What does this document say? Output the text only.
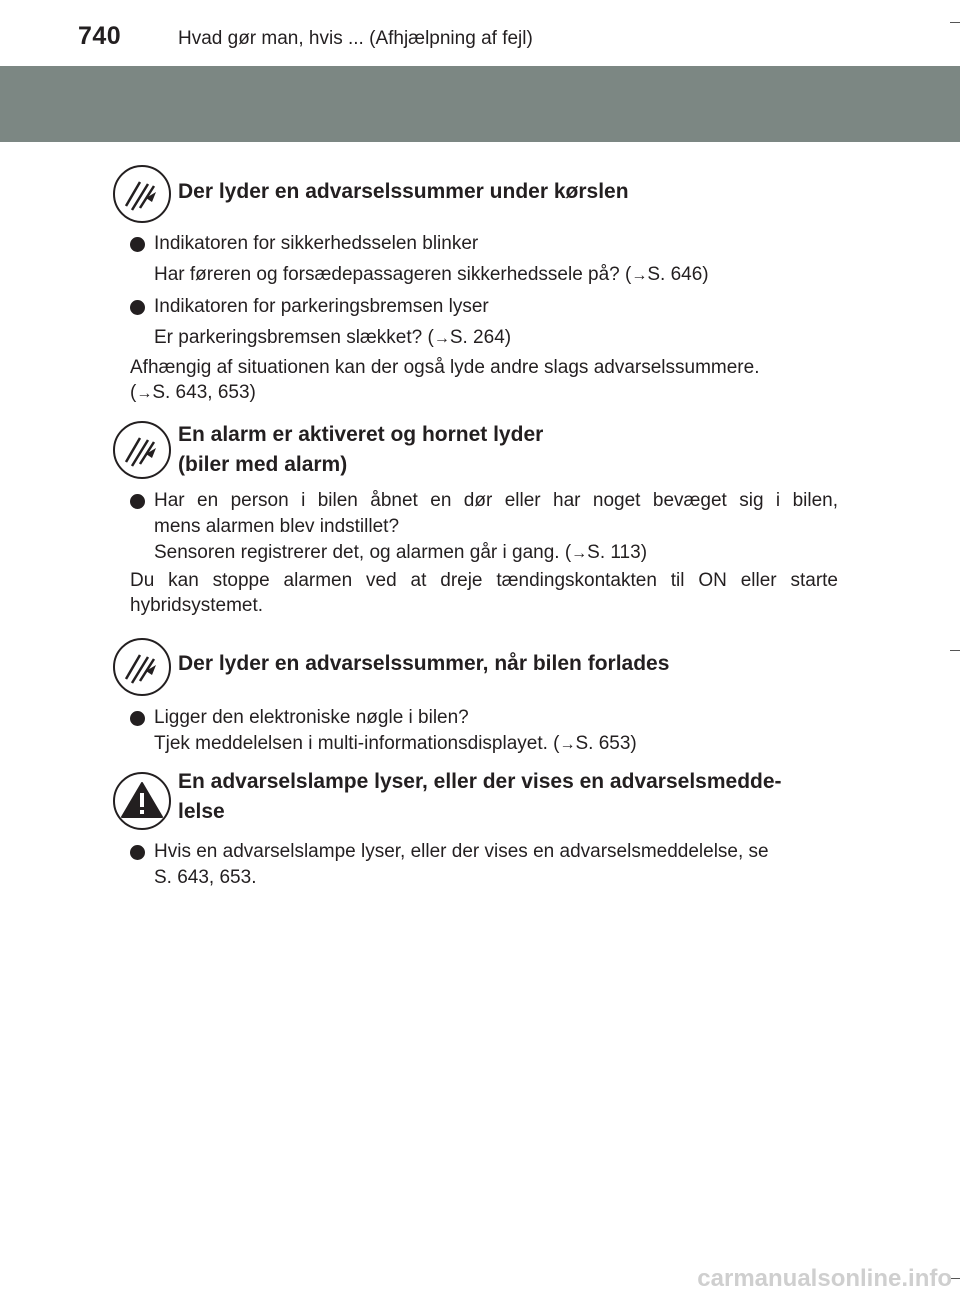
740	Hvad gør man, hvis ... (Afhjælpning af fejl)
Der lyder en advarselssummer under kørslen
Indikatoren for sikkerhedsselen blinker
Har føreren og forsædepassageren sikkerhedssele på? (→S. 646)
Indikatoren for parkeringsbremsen lyser
Er parkeringsbremsen slækket? (→S. 264)
Afhængig af situationen kan der også lyde andre slags advarselssummere.
(→S. 643, 653)
En alarm er aktiveret og hornet lyder
(biler med alarm)
Har en person i bilen åbnet en dør eller har noget bevæget sig i bilen,
mens alarmen blev indstillet?
Sensoren registrerer det, og alarmen går i gang. (→S. 113)
Du kan stoppe alarmen ved at dreje tændingskontakten til ON eller starte
hybridsystemet.
Der lyder en advarselssummer, når bilen forlades
Ligger den elektroniske nøgle i bilen?
Tjek meddelelsen i multi-informationsdisplayet. (→S. 653)
En advarselslampe lyser, eller der vises en advarselsmedde-
lelse
Hvis en advarselslampe lyser, eller der vises en advarselsmeddelelse, se
S. 643, 653.
carmanualsonline.info
